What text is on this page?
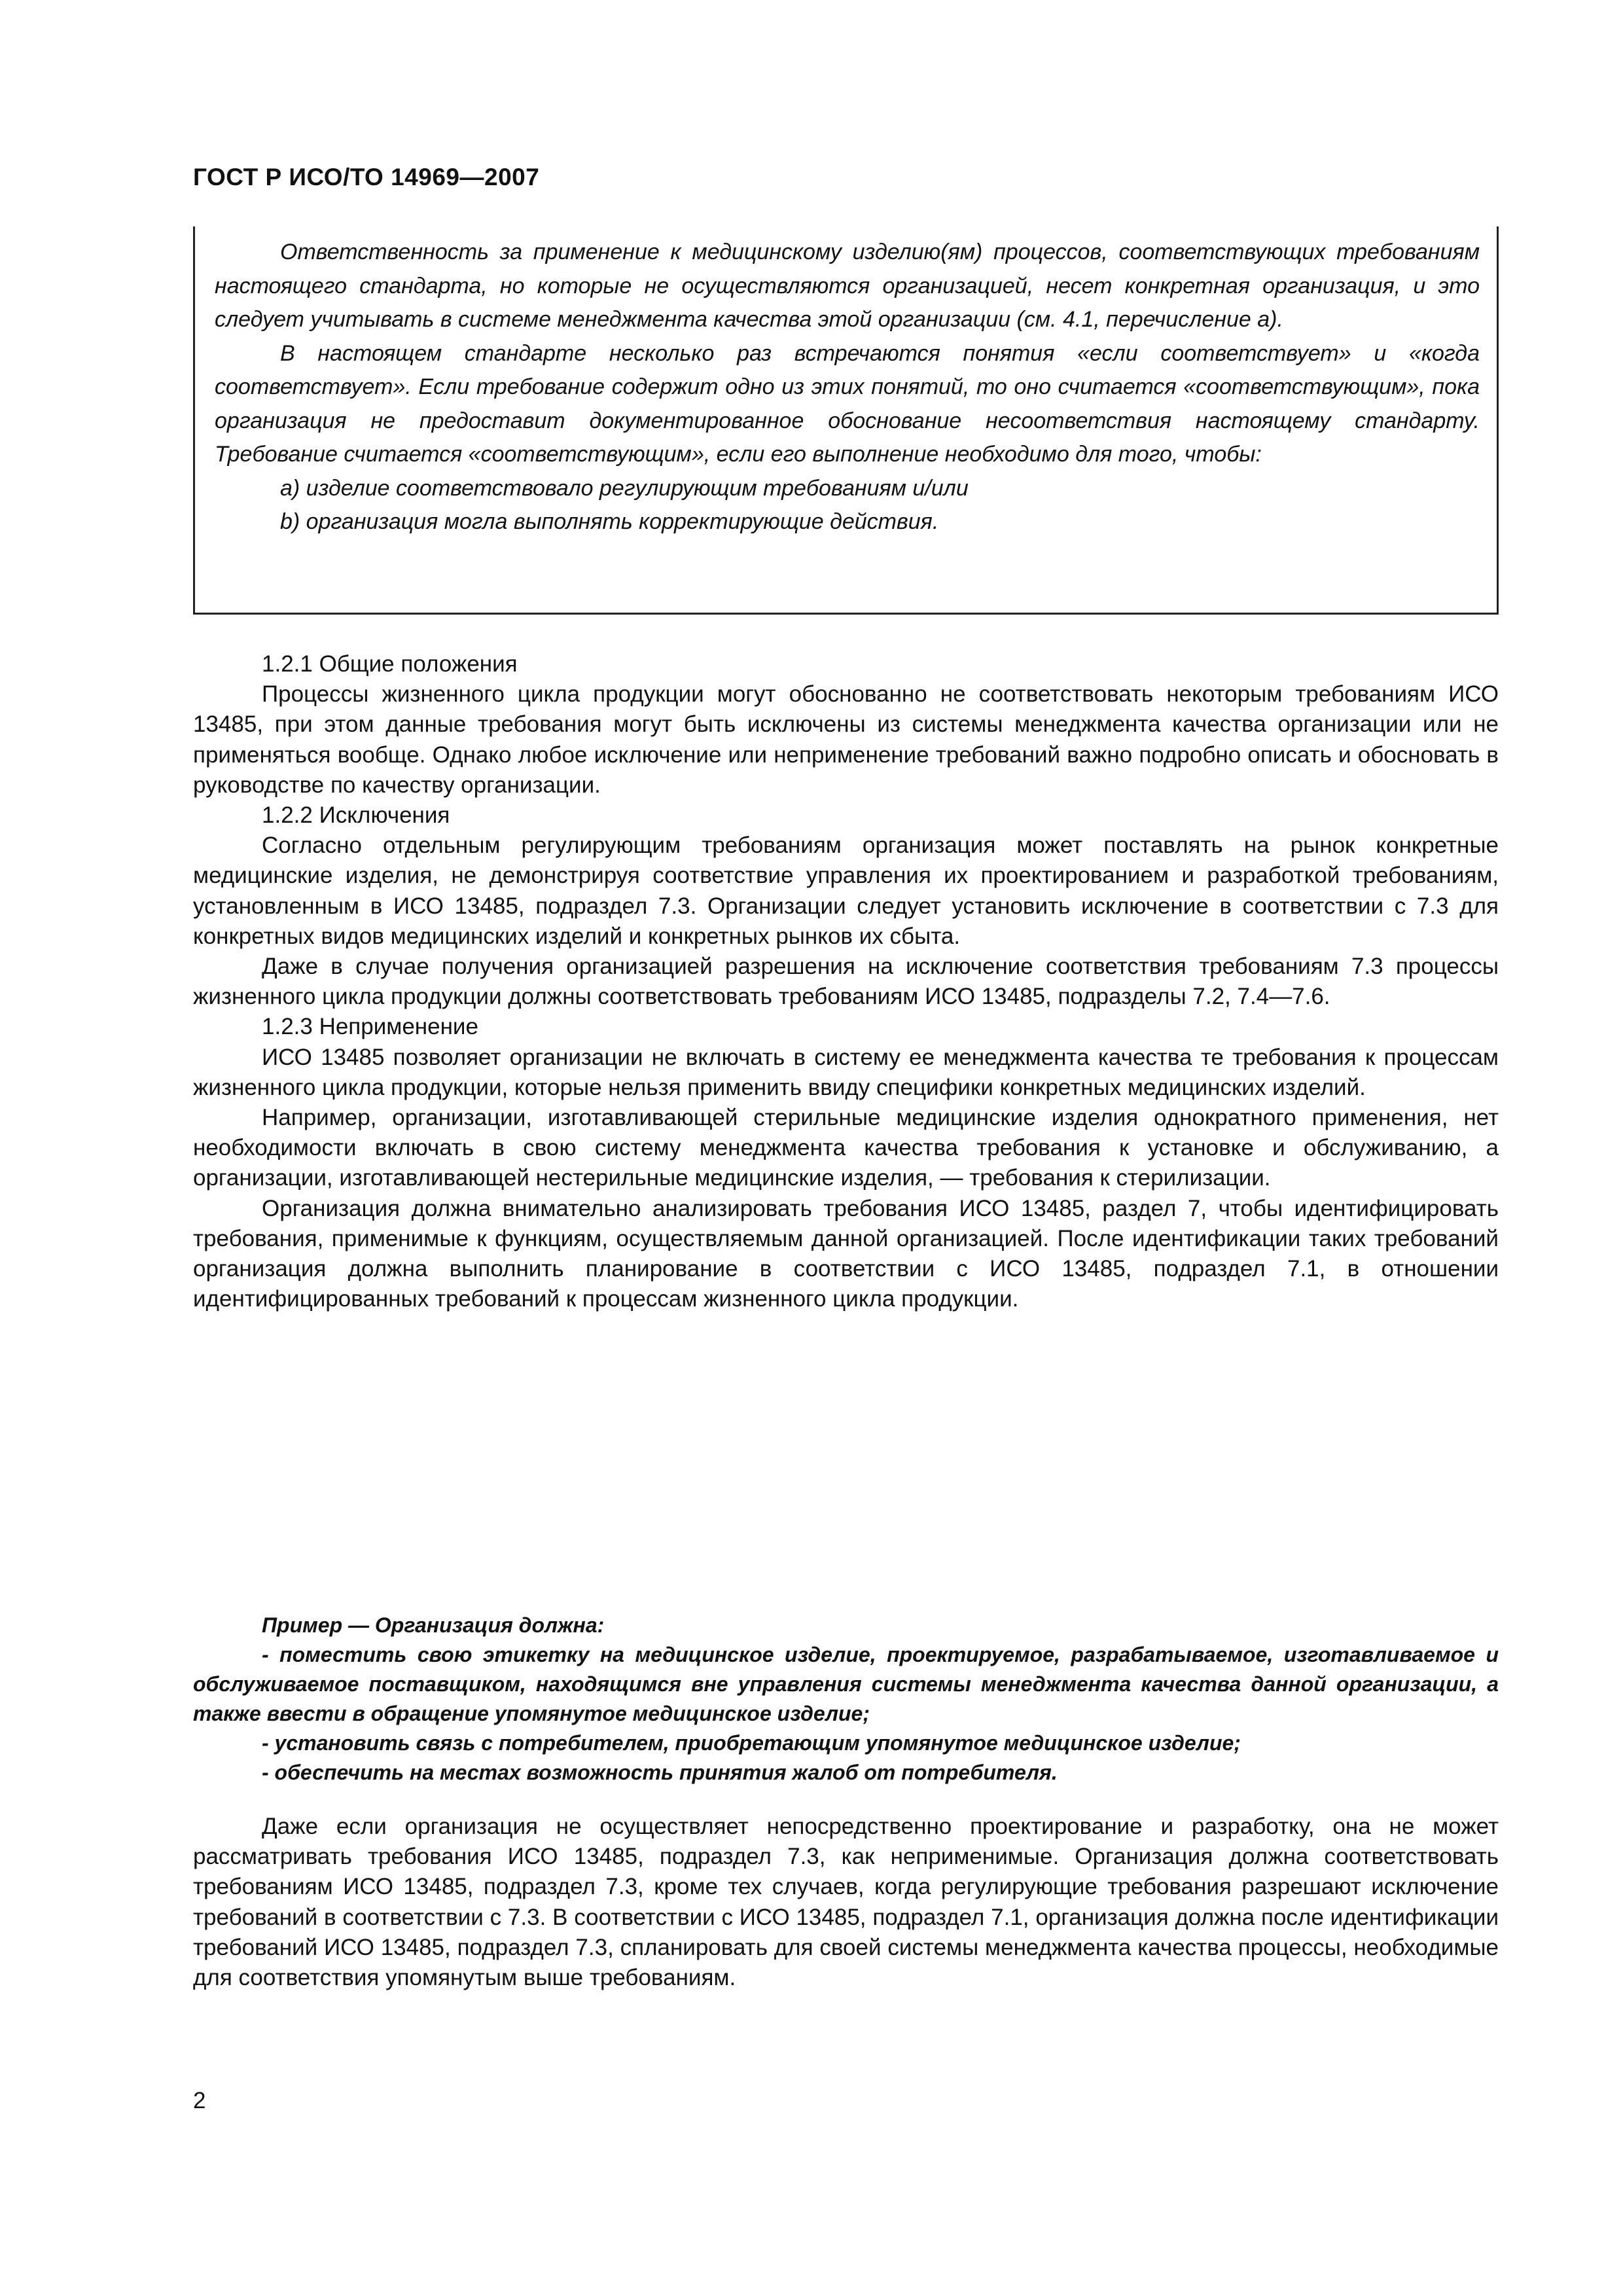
ГОСТ Р ИСО/ТО 14969—2007

Ответственность за применение к медицинскому изделию(ям) процессов, соответствующих требованиям настоящего стандарта, но которые не осуществляются организацией, несет конкретная организация, и это следует учитывать в системе менеджмента качества этой организации (см. 4.1, перечисление а).

В настоящем стандарте несколько раз встречаются понятия «если соответствует» и «когда соответствует». Если требование содержит одно из этих понятий, то оно считается «соответствующим», пока организация не предоставит документированное обоснование несоответствия настоящему стандарту. Требование считается «соответствующим», если его выполнение необходимо для того, чтобы:

а) изделие соответствовало регулирующим требованиям и/или

b) организация могла выполнять корректирующие действия.

1.2.1 Общие положения

Процессы жизненного цикла продукции могут обоснованно не соответствовать некоторым требованиям ИСО 13485, при этом данные требования могут быть исключены из системы менеджмента качества организации или не применяться вообще. Однако любое исключение или неприменение требований важно подробно описать и обосновать в руководстве по качеству организации.

1.2.2 Исключения

Согласно отдельным регулирующим требованиям организация может поставлять на рынок конкретные медицинские изделия, не демонстрируя соответствие управления их проектированием и разработкой требованиям, установленным в ИСО 13485, подраздел 7.3. Организации следует установить исключение в соответствии с 7.3 для конкретных видов медицинских изделий и конкретных рынков их сбыта.

Даже в случае получения организацией разрешения на исключение соответствия требованиям 7.3 процессы жизненного цикла продукции должны соответствовать требованиям ИСО 13485, подразделы 7.2, 7.4—7.6.

1.2.3 Неприменение

ИСО 13485 позволяет организации не включать в систему ее менеджмента качества те требования к процессам жизненного цикла продукции, которые нельзя применить ввиду специфики конкретных медицинских изделий.

Например, организации, изготавливающей стерильные медицинские изделия однократного применения, нет необходимости включать в свою систему менеджмента качества требования к установке и обслуживанию, а организации, изготавливающей нестерильные медицинские изделия, — требования к стерилизации.

Организация должна внимательно анализировать требования ИСО 13485, раздел 7, чтобы идентифицировать требования, применимые к функциям, осуществляемым данной организацией. После идентификации таких требований организация должна выполнить планирование в соответствии с ИСО 13485, подраздел 7.1, в отношении идентифицированных требований к процессам жизненного цикла продукции.

Пример — Организация должна:

- поместить свою этикетку на медицинское изделие, проектируемое, разрабатываемое, изготавливаемое и обслуживаемое поставщиком, находящимся вне управления системы менеджмента качества данной организации, а также ввести в обращение упомянутое медицинское изделие;

- установить связь с потребителем, приобретающим упомянутое медицинское изделие;

- обеспечить на местах возможность принятия жалоб от потребителя.

Даже если организация не осуществляет непосредственно проектирование и разработку, она не может рассматривать требования ИСО 13485, подраздел 7.3, как неприменимые. Организация должна соответствовать требованиям ИСО 13485, подраздел 7.3, кроме тех случаев, когда регулирующие требования разрешают исключение требований в соответствии с 7.3. В соответствии с ИСО 13485, подраздел 7.1, организация должна после идентификации требований ИСО 13485, подраздел 7.3, спланировать для своей системы менеджмента качества процессы, необходимые для соответствия упомянутым выше требованиям.

2
